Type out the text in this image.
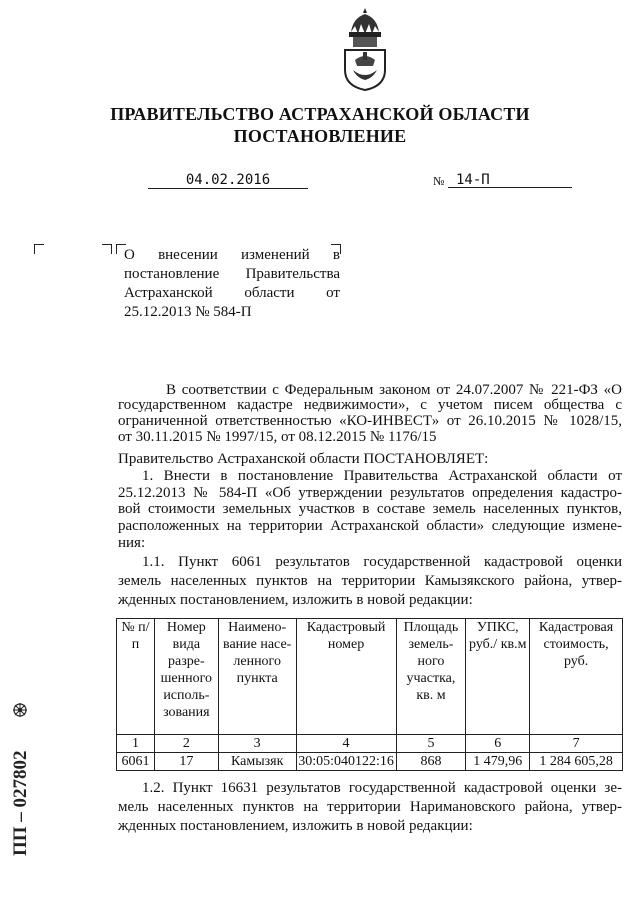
ПРАВИТЕЛЬСТВО АСТРАХАНСКОЙ ОБЛАСТИ
ПОСТАНОВЛЕНИЕ
04.02.2016	№ 14-П
О внесении изменений в постановление Правительства Астраханской области от 25.12.2013 № 584-П
В соответствии с Федеральным законом от 24.07.2007 № 221-ФЗ «О
государственном кадастре недвижимости», с учетом писем общества с
ограниченной ответственностью «КО-ИНВЕСТ» от 26.10.2015 № 1028/15,
от 30.11.2015 № 1997/15, от 08.12.2015 № 1176/15
Правительство Астраханской области ПОСТАНОВЛЯЕТ:
1. Внести в постановление Правительства Астраханской области от
25.12.2013 № 584-П «Об утверждении результатов определения кадастро-
вой стоимости земельных участков в составе земель населенных пунктов,
расположенных на территории Астраханской области» следующие измене-
ния:
1.1. Пункт 6061 результатов государственной кадастровой оценки
земель населенных пунктов на территории Камызякского района, утвер-
жденных постановлением, изложить в новой редакции:
№ п/п	Номер вида разре-шенного исполь-зования	Наимено-вание насе-ленного пункта	Кадастровый номер	Площадь земель-ного участка, кв. м	УПКС, руб./ кв.м	Кадастровая стоимость, руб.
1	2	3	4	5	6	7
6061	17	Камызяк	30:05:040122:16	868	1 479,96	1 284 605,28
1.2. Пункт 16631 результатов государственной кадастровой оценки зе-
мель населенных пунктов на территории Наримановского района, утвер-
жденных постановлением, изложить в новой редакции:
ПП – 027802
